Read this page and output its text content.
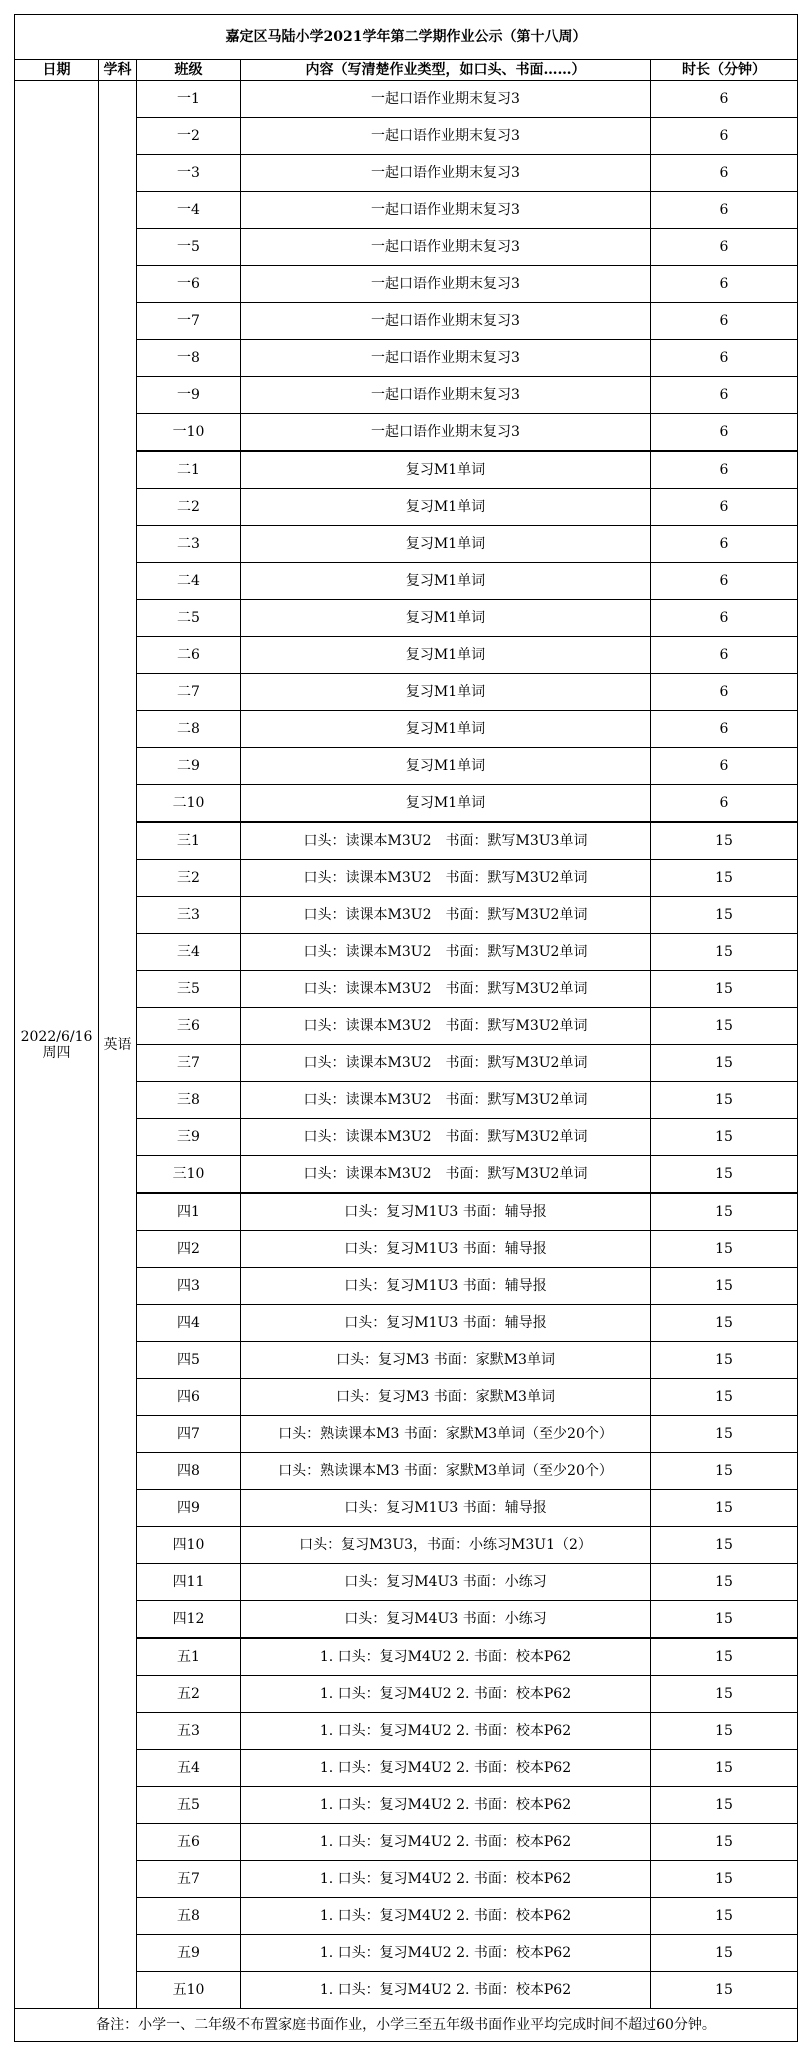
嘉定区马陆小学2021学年第二学期作业公示（第十八周）				
日期	学科	班级	内容（写清楚作业类型，如口头、书面……）	时长（分钟）

2022/6/16
周四	英语	一1	一起口语作业期末复习3	6
		一2	一起口语作业期末复习3	6
		一3	一起口语作业期末复习3	6
		一4	一起口语作业期末复习3	6
		一5	一起口语作业期末复习3	6
		一6	一起口语作业期末复习3	6
		一7	一起口语作业期末复习3	6
		一8	一起口语作业期末复习3	6
		一9	一起口语作业期末复习3	6
		一10	一起口语作业期末复习3	6
		二1	复习M1单词	6
		二2	复习M1单词	6
		二3	复习M1单词	6
		二4	复习M1单词	6
		二5	复习M1单词	6
		二6	复习M1单词	6
		二7	复习M1单词	6
		二8	复习M1单词	6
		二9	复习M1单词	6
		二10	复习M1单词	6
		三1	口头：读课本M3U2　书面：默写M3U3单词	15
		三2	口头：读课本M3U2　书面：默写M3U2单词	15
		三3	口头：读课本M3U2　书面：默写M3U2单词	15
		三4	口头：读课本M3U2　书面：默写M3U2单词	15
		三5	口头：读课本M3U2　书面：默写M3U2单词	15
		三6	口头：读课本M3U2　书面：默写M3U2单词	15
		三7	口头：读课本M3U2　书面：默写M3U2单词	15
		三8	口头：读课本M3U2　书面：默写M3U2单词	15
		三9	口头：读课本M3U2　书面：默写M3U2单词	15
		三10	口头：读课本M3U2　书面：默写M3U2单词	15
		四1	口头：复习M1U3 书面：辅导报	15
		四2	口头：复习M1U3 书面：辅导报	15
		四3	口头：复习M1U3 书面：辅导报	15
		四4	口头：复习M1U3 书面：辅导报	15
		四5	口头：复习M3 书面：家默M3单词	15
		四6	口头：复习M3 书面：家默M3单词	15
		四7	口头：熟读课本M3 书面：家默M3单词（至少20个）	15
		四8	口头：熟读课本M3 书面：家默M3单词（至少20个）	15
		四9	口头：复习M1U3 书面：辅导报	15
		四10	口头：复习M3U3，书面：小练习M3U1（2）	15
		四11	口头：复习M4U3 书面：小练习	15
		四12	口头：复习M4U3 书面：小练习	15
		五1	1. 口头：复习M4U2 2. 书面：校本P62	15
		五2	1. 口头：复习M4U2 2. 书面：校本P62	15
		五3	1. 口头：复习M4U2 2. 书面：校本P62	15
		五4	1. 口头：复习M4U2 2. 书面：校本P62	15
		五5	1. 口头：复习M4U2 2. 书面：校本P62	15
		五6	1. 口头：复习M4U2 2. 书面：校本P62	15
		五7	1. 口头：复习M4U2 2. 书面：校本P62	15
		五8	1. 口头：复习M4U2 2. 书面：校本P62	15
		五9	1. 口头：复习M4U2 2. 书面：校本P62	15
		五10	1. 口头：复习M4U2 2. 书面：校本P62	15
备注：小学一、二年级不布置家庭书面作业，小学三至五年级书面作业平均完成时间不超过60分钟。				
